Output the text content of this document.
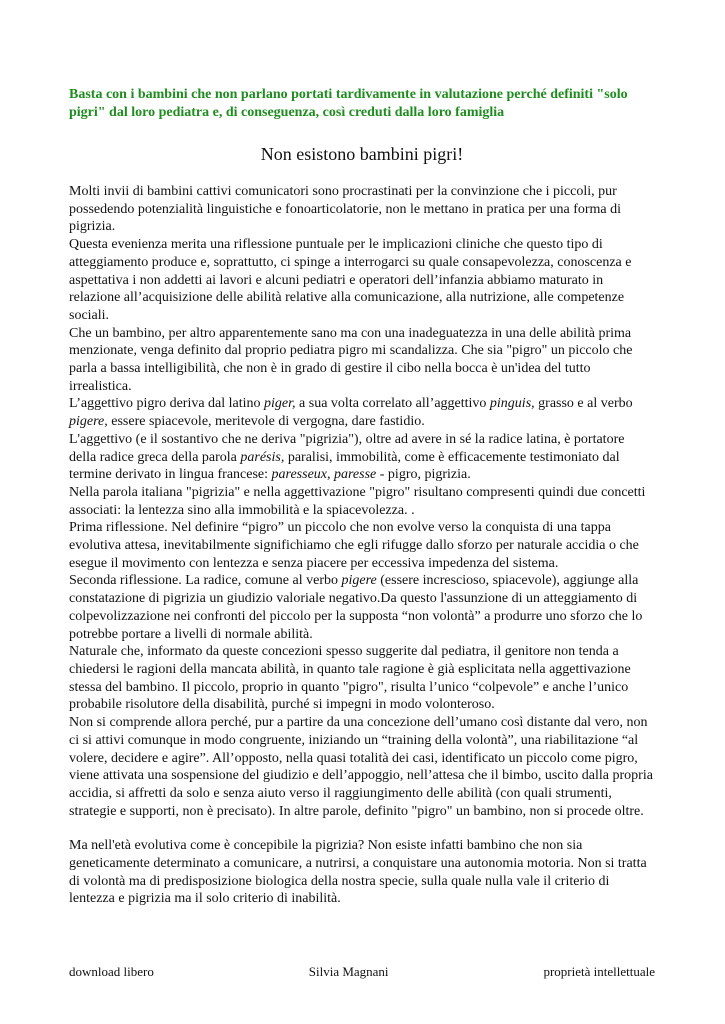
Basta con i bambini che non parlano portati tardivamente in valutazione perché definiti "solo pigri" dal loro pediatra e, di conseguenza, così creduti dalla loro famiglia

Non esistono bambini pigri!

Molti invii di bambini cattivi comunicatori sono procrastinati per la convinzione che i piccoli, pur possedendo potenzialità linguistiche e fonoarticolatorie, non le mettano in pratica per una forma di pigrizia.

Questa evenienza merita una riflessione puntuale per le implicazioni cliniche che questo tipo di atteggiamento produce e, soprattutto, ci spinge a interrogarci su quale consapevolezza, conoscenza e aspettativa i non addetti ai lavori e alcuni pediatri e operatori dell’infanzia abbiamo maturato in relazione all’acquisizione delle abilità relative alla comunicazione, alla nutrizione, alle competenze sociali.

Che un bambino, per altro apparentemente sano ma con una inadeguatezza in una delle abilità prima menzionate, venga definito dal proprio pediatra pigro mi scandalizza. Che sia "pigro" un piccolo che parla a bassa intelligibilità, che non è in grado di gestire il cibo nella bocca è un'idea del tutto irrealistica.

L’aggettivo pigro deriva dal latino piger, a sua volta correlato all’aggettivo pinguis, grasso e al verbo pigere, essere spiacevole, meritevole di vergogna, dare fastidio.

L'aggettivo (e il sostantivo che ne deriva "pigrizia"), oltre ad avere in sé la radice latina, è portatore della radice greca della parola parésis, paralisi, immobilità, come è efficacemente testimoniato dal termine derivato in lingua francese: paresseux, paresse - pigro, pigrizia.

Nella parola italiana "pigrizia" e nella aggettivazione "pigro" risultano compresenti quindi due concetti associati: la lentezza sino alla immobilità e la spiacevolezza. .

Prima riflessione. Nel definire “pigro” un piccolo che non evolve verso la conquista di una tappa evolutiva attesa, inevitabilmente significhiamo che egli rifugge dallo sforzo per naturale accidia o che esegue il movimento con lentezza e senza piacere per eccessiva impedenza del sistema.

Seconda riflessione. La radice, comune al verbo pigere (essere increscioso, spiacevole), aggiunge alla constatazione di pigrizia un giudizio valoriale negativo.Da questo l'assunzione di un atteggiamento di colpevolizzazione nei confronti del piccolo per la supposta “non volontà” a produrre uno sforzo che lo potrebbe portare a livelli di normale abilità.

Naturale che, informato da queste concezioni spesso suggerite dal pediatra, il genitore non tenda a chiedersi le ragioni della mancata abilità, in quanto tale ragione è già esplicitata nella aggettivazione stessa del bambino. Il piccolo, proprio in quanto "pigro", risulta l’unico “colpevole” e anche l’unico probabile risolutore della disabilità, purché si impegni in modo volonteroso.

Non si comprende allora perché, pur a partire da una concezione dell’umano così distante dal vero, non ci si attivi comunque in modo congruente, iniziando un “training della volontà”, una riabilitazione “al volere, decidere e agire”. All’opposto, nella quasi totalità dei casi, identificato un piccolo come pigro, viene attivata una sospensione del giudizio e dell’appoggio, nell’attesa che il bimbo, uscito dalla propria accidia, si affretti da solo e senza aiuto verso il raggiungimento delle abilità (con quali strumenti, strategie e supporti, non è precisato). In altre parole, definito "pigro" un bambino, non si procede oltre.

Ma nell'età evolutiva come è concepibile la pigrizia? Non esiste infatti bambino che non sia geneticamente determinato a comunicare, a nutrirsi, a conquistare una autonomia motoria. Non si tratta di volontà ma di predisposizione biologica della nostra specie, sulla quale nulla vale il criterio di lentezza e pigrizia ma il solo criterio di inabilità.

download libero	Silvia Magnani	proprietà intellettuale
